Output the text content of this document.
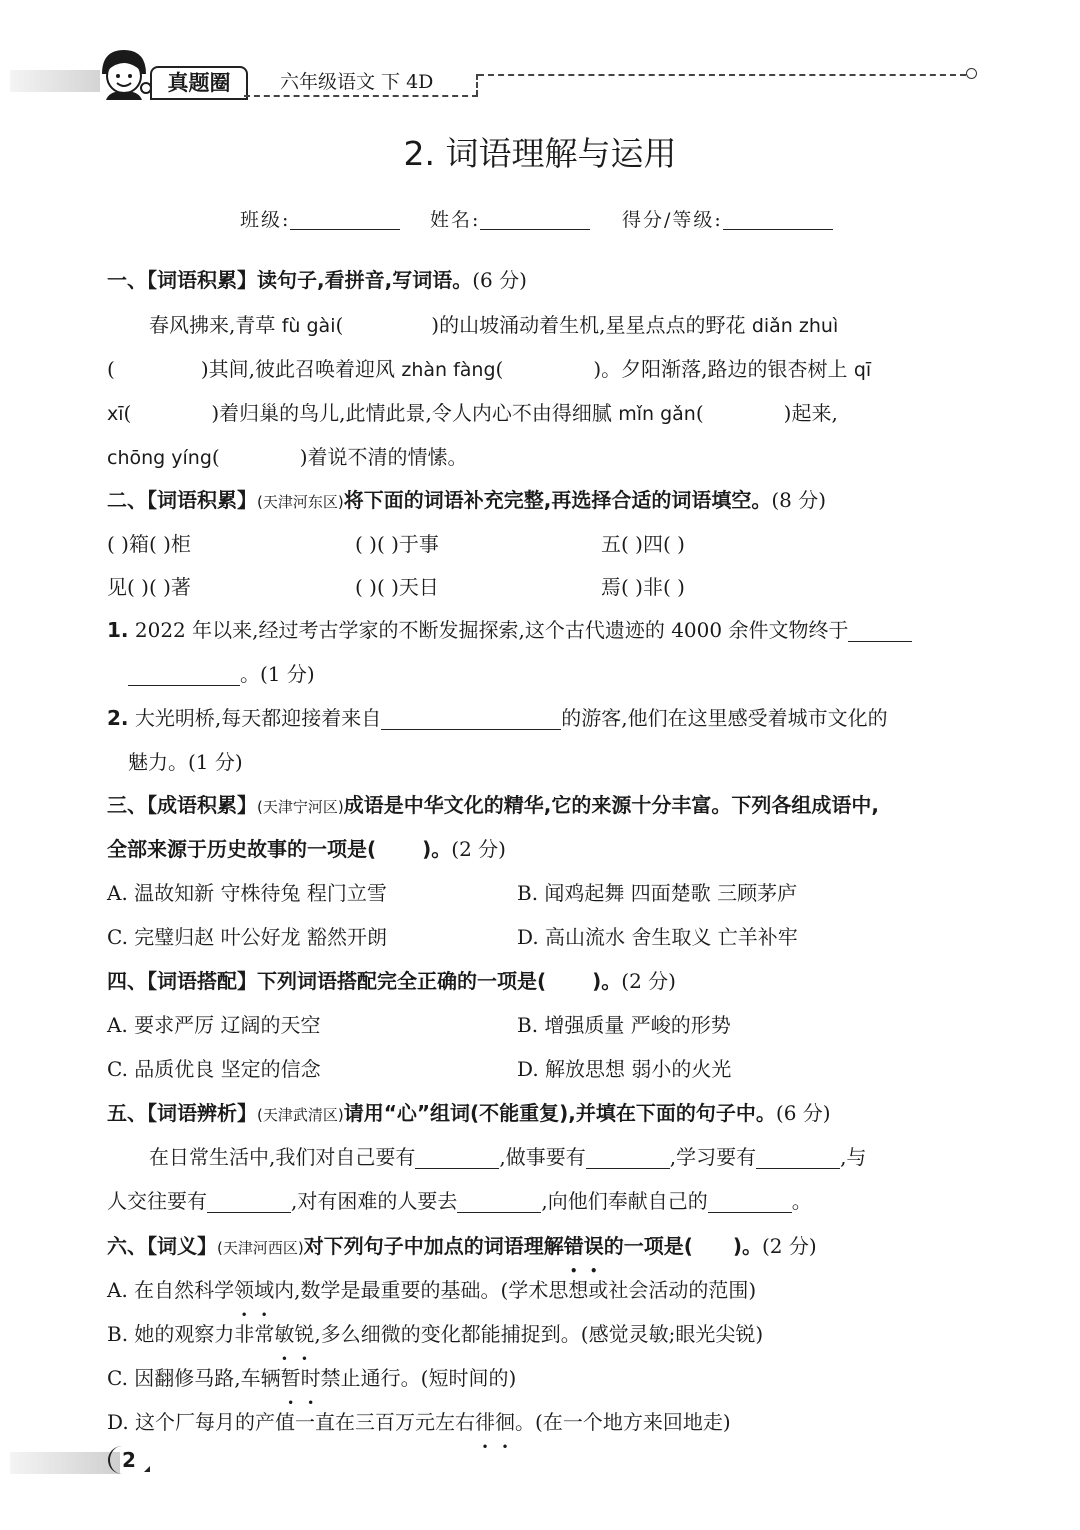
真题圈	六年级语文 下 4D
2. 词语理解与运用
班级:	姓名:	得分/等级:
一、【词语积累】读句子,看拼音,写词语。(6 分)
春风拂来,青草 fù gài(	)的山坡涌动着生机,星星点点的野花 diǎn zhuì
(	)其间,彼此召唤着迎风 zhàn fàng(	)。夕阳渐落,路边的银杏树上 qī
xī(	)着归巢的鸟儿,此情此景,令人内心不由得细腻 mǐn gǎn(	)起来,
chōng yíng(	)着说不清的情愫。
二、【词语积累】(天津河东区)将下面的词语补充完整,再选择合适的词语填空。(8 分)
( )箱( )柜	( )( )于事	五( )四( )
见( )( )著	( )( )天日	焉( )非( )
1. 2022 年以来,经过考古学家的不断发掘探索,这个古代遗迹的 4000 余件文物终于
。(1 分)
2. 大光明桥,每天都迎接着来自	的游客,他们在这里感受着城市文化的
魅力。(1 分)
三、【成语积累】(天津宁河区)成语是中华文化的精华,它的来源十分丰富。下列各组成语中,
全部来源于历史故事的一项是( )。(2 分)
A. 温故知新 守株待兔 程门立雪	B. 闻鸡起舞 四面楚歌 三顾茅庐
C. 完璧归赵 叶公好龙 豁然开朗	D. 高山流水 舍生取义 亡羊补牢
四、【词语搭配】下列词语搭配完全正确的一项是( )。(2 分)
A. 要求严厉 辽阔的天空	B. 增强质量 严峻的形势
C. 品质优良 坚定的信念	D. 解放思想 弱小的火光
五、【词语辨析】(天津武清区)请用“心”组词(不能重复),并填在下面的句子中。(6 分)
在日常生活中,我们对自己要有	,做事要有	,学习要有	,与
人交往要有	,对有困难的人要去	,向他们奉献自己的	。
六、【词义】(天津河西区)对下列句子中加点的词语理解错误的一项是( )。(2 分)
A. 在自然科学领域内,数学是最重要的基础。(学术思想或社会活动的范围)
B. 她的观察力非常敏锐,多么细微的变化都能捕捉到。(感觉灵敏;眼光尖锐)
C. 因翻修马路,车辆暂时禁止通行。(短时间的)
D. 这个厂每月的产值一直在三百万元左右徘徊。(在一个地方来回地走)
2
